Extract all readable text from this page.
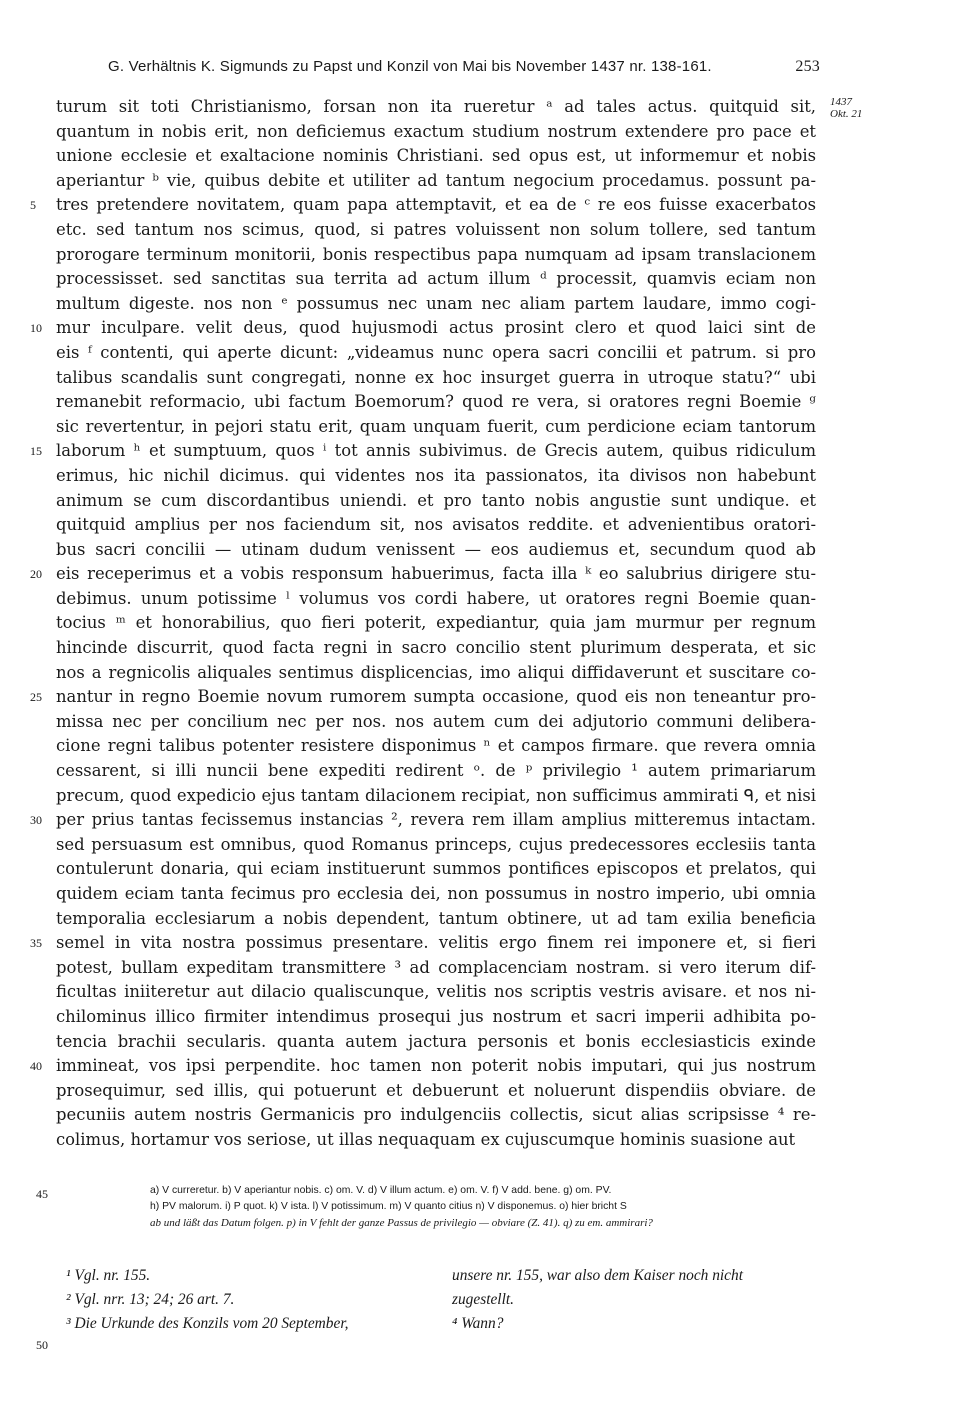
G. Verhältnis K. Sigmunds zu Papst und Konzil von Mai bis November 1437 nr. 138-161.	253
1437
Okt. 21
turum sit toti Christianismo, forsan non ita rueretur ᵃ ad tales actus. quitquid sit,
quantum in nobis erit, non deficiemus exactum studium nostrum extendere pro pace et
unione ecclesie et exaltacione nominis Christiani. sed opus est, ut informemur et nobis
aperiantur ᵇ vie, quibus debite et utiliter ad tantum negocium procedamus. possunt pa-
5	tres pretendere novitatem, quam papa attemptavit, et ea de ᶜ re eos fuisse exacerbatos
etc. sed tantum nos scimus, quod, si patres voluissent non solum tollere, sed tantum
prorogare terminum monitorii, bonis respectibus papa numquam ad ipsam translacionem
processisset. sed sanctitas sua territa ad actum illum ᵈ processit, quamvis eciam non
multum digeste. nos non ᵉ possumus nec unam nec aliam partem laudare, immo cogi-
10 mur inculpare. velit deus, quod hujusmodi actus prosint clero et quod laici sint de
eis ᶠ contenti, qui aperte dicunt: „videamus nunc opera sacri concilii et patrum. si pro
talibus scandalis sunt congregati, nonne ex hoc insurget guerra in utroque statu?“ ubi
remanebit reformacio, ubi factum Boemorum? quod re vera, si oratores regni Boemie ᵍ
sic revertentur, in pejori statu erit, quam unquam fuerit, cum perdicione eciam tantorum
15 laborum ʰ et sumptuum, quos ⁱ tot annis subivimus. de Grecis autem, quibus ridiculum
erimus, hic nichil dicimus. qui videntes nos ita passionatos, ita divisos non habebunt
animum se cum discordantibus uniendi. et pro tanto nobis angustie sunt undique. et
quitquid amplius per nos faciendum sit, nos avisatos reddite. et advenientibus oratori-
bus sacri concilii — utinam dudum venissent — eos audiemus et, secundum quod ab
20 eis receperimus et a vobis responsum habuerimus, facta illa ᵏ eo salubrius dirigere stu-
debimus. unum potissime ˡ volumus vos cordi habere, ut oratores regni Boemie quan-
tocius ᵐ et honorabilius, quo fieri poterit, expediantur, quia jam murmur per regnum
hincinde discurrit, quod facta regni in sacro concilio stent plurimum desperata, et sic
nos a regnicolis aliquales sentimus displicencias, imo aliqui diffidaverunt et suscitare co-
25 nantur in regno Boemie novum rumorem sumpta occasione, quod eis non teneantur pro-
missa nec per concilium nec per nos. nos autem cum dei adjutorio communi delibera-
cione regni talibus potenter resistere disponimus ⁿ et campos firmare. que revera omnia
cessarent, si illi nuncii bene expediti redirent ᵒ. de ᵖ privilegio ¹ autem primariarum
precum, quod expedicio ejus tantam dilacionem recipiat, non sufficimus ammirati ᑫ, et nisi
30 per prius tantas fecissemus instancias ², revera rem illam amplius mitteremus intactam.
sed persuasum est omnibus, quod Romanus princeps, cujus predecessores ecclesiis tanta
contulerunt donaria, qui eciam instituerunt summos pontifices episcopos et prelatos, qui
quidem eciam tanta fecimus pro ecclesia dei, non possumus in nostro imperio, ubi omnia
temporalia ecclesiarum a nobis dependent, tantum obtinere, ut ad tam exilia beneficia
35 semel in vita nostra possimus presentare. velitis ergo finem rei imponere et, si fieri
potest, bullam expeditam transmittere ³ ad complacenciam nostram. si vero iterum dif-
ficultas iniiteretur aut dilacio qualiscunque, velitis nos scriptis vestris avisare. et nos ni-
chilominus illico firmiter intendimus prosequi jus nostrum et sacri imperii adhibita po-
tencia brachii secularis. quanta autem jactura personis et bonis ecclesiasticis exinde
40 immineat, vos ipsi perpendite. hoc tamen non poterit nobis imputari, qui jus nostrum
prosequimur, sed illis, qui potuerunt et debuerunt et noluerunt dispendiis obviare. de
pecuniis autem nostris Germanicis pro indulgenciis collectis, sicut alias scripsisse ⁴ re-
colimus, hortamur vos seriose, ut illas nequaquam ex cujuscumque hominis suasione aut
45	a) V curreretur. b) V aperiantur nobis. c) om. V. d) V illum actum. e) om. V. f) V add. bene. g) om. PV.
h) PV malorum. i) P quot. k) V ista. l) V potissimum. m) V quanto citius n) V disponemus. o) hier bricht S
ab und läßt das Datum folgen. p) in V fehlt der ganze Passus de privilegio — obviare (Z. 41). q) zu em. ammirari?
¹ Vgl. nr. 155.
² Vgl. nrr. 13; 24; 26 art. 7.
³ Die Urkunde des Konzils vom 20 September,
unsere nr. 155, war also dem Kaiser noch nicht
zugestellt.
⁴ Wann?
50
